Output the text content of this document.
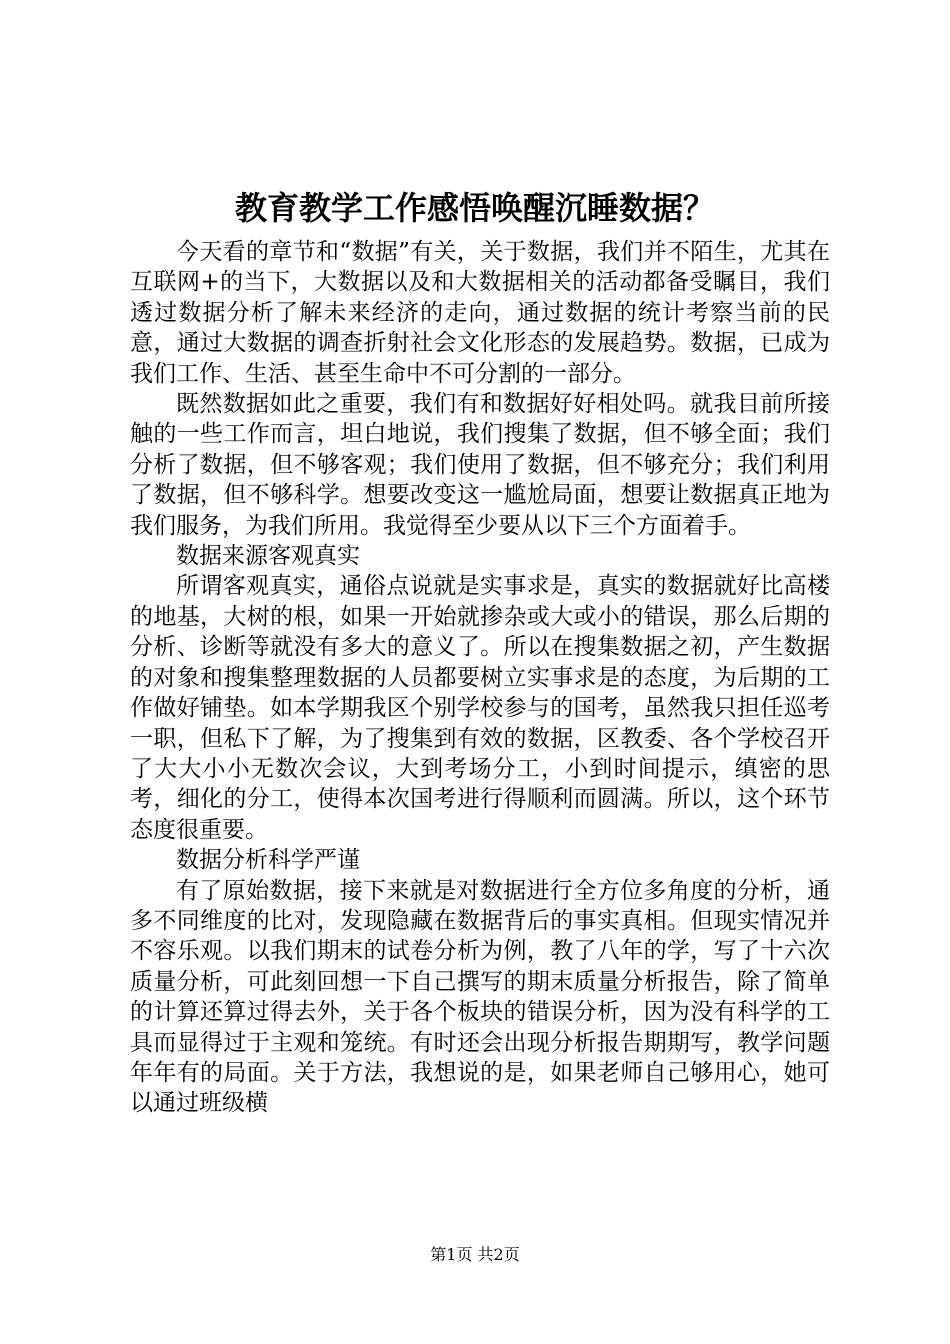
教育教学工作感悟唤醒沉睡数据？

今天看的章节和“数据”有关，关于数据，我们并不陌生，尤其在互联网+的当下，大数据以及和大数据相关的活动都备受瞩目，我们透过数据分析了解未来经济的走向，通过数据的统计考察当前的民意，通过大数据的调查折射社会文化形态的发展趋势。数据，已成为我们工作、生活、甚至生命中不可分割的一部分。

既然数据如此之重要，我们有和数据好好相处吗。就我目前所接触的一些工作而言，坦白地说，我们搜集了数据，但不够全面；我们分析了数据，但不够客观；我们使用了数据，但不够充分；我们利用了数据，但不够科学。想要改变这一尴尬局面，想要让数据真正地为我们服务，为我们所用。我觉得至少要从以下三个方面着手。

数据来源客观真实

所谓客观真实，通俗点说就是实事求是，真实的数据就好比高楼的地基，大树的根，如果一开始就掺杂或大或小的错误，那么后期的分析、诊断等就没有多大的意义了。所以在搜集数据之初，产生数据的对象和搜集整理数据的人员都要树立实事求是的态度，为后期的工作做好铺垫。如本学期我区个别学校参与的国考，虽然我只担任巡考一职，但私下了解，为了搜集到有效的数据，区教委、各个学校召开了大大小小无数次会议，大到考场分工，小到时间提示，缜密的思考，细化的分工，使得本次国考进行得顺利而圆满。所以，这个环节态度很重要。

数据分析科学严谨

有了原始数据，接下来就是对数据进行全方位多角度的分析，通多不同维度的比对，发现隐藏在数据背后的事实真相。但现实情况并不容乐观。以我们期末的试卷分析为例，教了八年的学，写了十六次质量分析，可此刻回想一下自己撰写的期末质量分析报告，除了简单的计算还算过得去外，关于各个板块的错误分析，因为没有科学的工具而显得过于主观和笼统。有时还会出现分析报告期期写，教学问题年年有的局面。关于方法，我想说的是，如果老师自己够用心，她可以通过班级横

第1页 共2页
